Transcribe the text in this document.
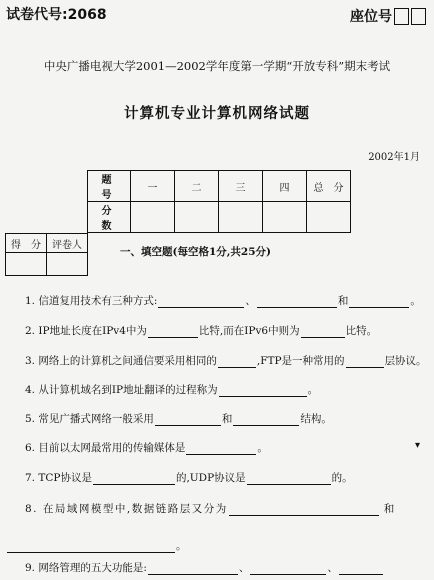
试卷代号:2068	座位号
中央广播电视大学2001—2002学年度第一学期“开放专科”期末考试
计算机专业计算机网络试题
2002年1月
题　号	一	二	三	四	总　分
分　数					
得　分	评卷人

一、填空题(每空格1分,共25分)
1. 信道复用技术有三种方式:	、	和	。
2. IP地址长度在IPv4中为	比特,而在IPv6中则为	比特。
3. 网络上的计算机之间通信要采用相同的	,FTP是一种常用的	层协议。
4. 从计算机域名到IP地址翻译的过程称为	。
5. 常见广播式网络一般采用	和	结构。
6. 目前以太网最常用的传输媒体是	。	▾
7. TCP协议是	的,UDP协议是	的。
8. 在局域网模型中,数据链路层又分为	和
。
9. 网络管理的五大功能是:	、	、
